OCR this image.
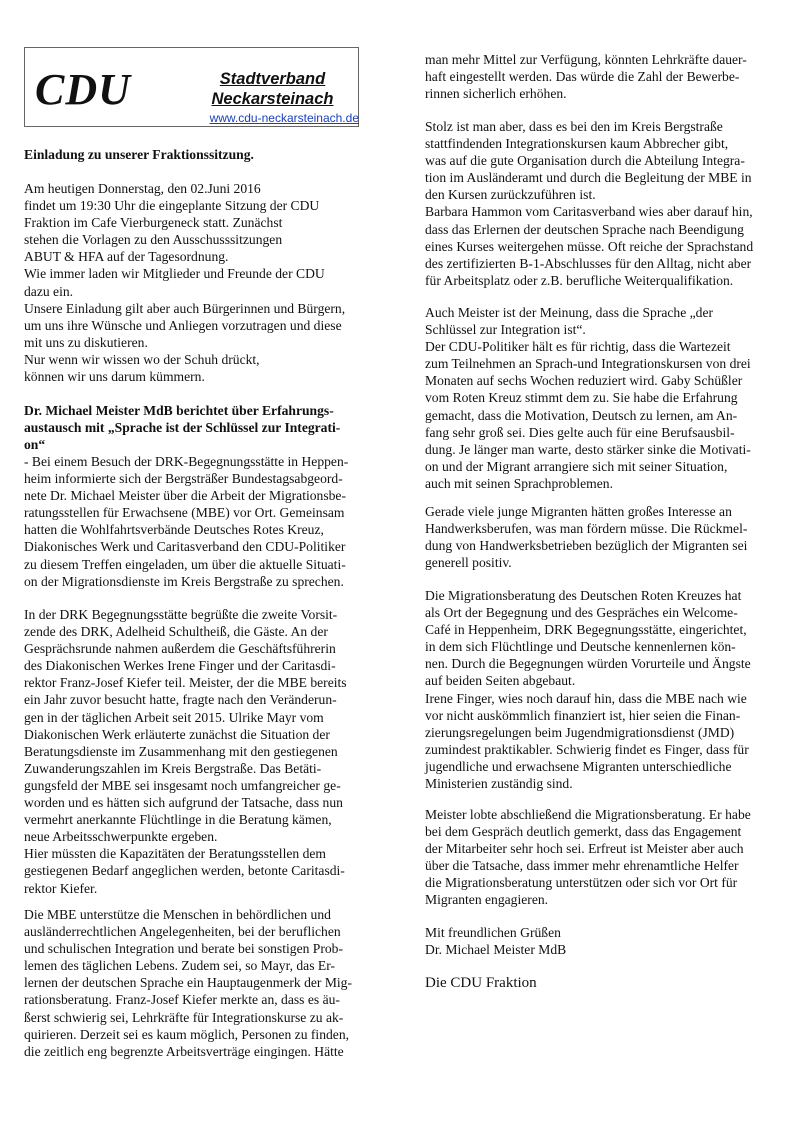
CDU	Stadtverband
Neckarsteinach
www.cdu-neckarsteinach.de
Einladung zu unserer Fraktionssitzung.
Am heutigen Donnerstag, den 02.Juni 2016
findet um 19:30 Uhr die eingeplante Sitzung der CDU
Fraktion im Cafe Vierburgeneck statt. Zunächst
stehen die Vorlagen zu den Ausschusssitzungen
ABUT & HFA auf der Tagesordnung.
Wie immer laden wir Mitglieder und Freunde der CDU
dazu ein.
Unsere Einladung gilt aber auch Bürgerinnen und Bürgern,
um uns ihre Wünsche und Anliegen vorzutragen und diese
mit uns zu diskutieren.
Nur wenn wir wissen wo der Schuh drückt,
können wir uns darum kümmern.
Dr. Michael Meister MdB berichtet über Erfahrungs-
austausch mit „Sprache ist der Schlüssel zur Integrati-
on“
- Bei einem Besuch der DRK-Begegnungsstätte in Heppen-
heim informierte sich der Bergsträßer Bundestagsabgeord-
nete Dr. Michael Meister über die Arbeit der Migrationsbe-
ratungsstellen für Erwachsene (MBE) vor Ort. Gemeinsam
hatten die Wohlfahrtsverbände Deutsches Rotes Kreuz,
Diakonisches Werk und Caritasverband den CDU-Politiker
zu diesem Treffen eingeladen, um über die aktuelle Situati-
on der Migrationsdienste im Kreis Bergstraße zu sprechen.
In der DRK Begegnungsstätte begrüßte die zweite Vorsit-
zende des DRK, Adelheid Schultheiß, die Gäste. An der
Gesprächsrunde nahmen außerdem die Geschäftsführerin
des Diakonischen Werkes Irene Finger und der Caritasdi-
rektor Franz-Josef Kiefer teil. Meister, der die MBE bereits
ein Jahr zuvor besucht hatte, fragte nach den Veränderun-
gen in der täglichen Arbeit seit 2015. Ulrike Mayr vom
Diakonischen Werk erläuterte zunächst die Situation der
Beratungsdienste im Zusammenhang mit den gestiegenen
Zuwanderungszahlen im Kreis Bergstraße. Das Betäti-
gungsfeld der MBE sei insgesamt noch umfangreicher ge-
worden und es hätten sich aufgrund der Tatsache, dass nun
vermehrt anerkannte Flüchtlinge in die Beratung kämen,
neue Arbeitsschwerpunkte ergeben.
Hier müssten die Kapazitäten der Beratungsstellen dem
gestiegenen Bedarf angeglichen werden, betonte Caritasdi-
rektor Kiefer.
Die MBE unterstütze die Menschen in behördlichen und
ausländerrechtlichen Angelegenheiten, bei der beruflichen
und schulischen Integration und berate bei sonstigen Prob-
lemen des täglichen Lebens. Zudem sei, so Mayr, das Er-
lernen der deutschen Sprache ein Hauptaugenmerk der Mig-
rationsberatung. Franz-Josef Kiefer merkte an, dass es äu-
ßerst schwierig sei, Lehrkräfte für Integrationskurse zu ak-
quirieren. Derzeit sei es kaum möglich, Personen zu finden,
die zeitlich eng begrenzte Arbeitsverträge eingingen. Hätte
man mehr Mittel zur Verfügung, könnten Lehrkräfte dauer-
haft eingestellt werden. Das würde die Zahl der Bewerbe-
rinnen sicherlich erhöhen.
Stolz ist man aber, dass es bei den im Kreis Bergstraße
stattfindenden Integrationskursen kaum Abbrecher gibt,
was auf die gute Organisation durch die Abteilung Integra-
tion im Ausländeramt und durch die Begleitung der MBE in
den Kursen zurückzuführen ist.
Barbara Hammon vom Caritasverband wies aber darauf hin,
dass das Erlernen der deutschen Sprache nach Beendigung
eines Kurses weitergehen müsse. Oft reiche der Sprachstand
des zertifizierten B-1-Abschlusses für den Alltag, nicht aber
für Arbeitsplatz oder z.B. berufliche Weiterqualifikation.
Auch Meister ist der Meinung, dass die Sprache „der
Schlüssel zur Integration ist“.
Der CDU-Politiker hält es für richtig, dass die Wartezeit
zum Teilnehmen an Sprach-und Integrationskursen von drei
Monaten auf sechs Wochen reduziert wird. Gaby Schüßler
vom Roten Kreuz stimmt dem zu. Sie habe die Erfahrung
gemacht, dass die Motivation, Deutsch zu lernen, am An-
fang sehr groß sei. Dies gelte auch für eine Berufsausbil-
dung. Je länger man warte, desto stärker sinke die Motivati-
on und der Migrant arrangiere sich mit seiner Situation,
auch mit seinen Sprachproblemen.
Gerade viele junge Migranten hätten großes Interesse an
Handwerksberufen, was man fördern müsse. Die Rückmel-
dung von Handwerksbetrieben bezüglich der Migranten sei
generell positiv.
Die Migrationsberatung des Deutschen Roten Kreuzes hat
als Ort der Begegnung und des Gespräches ein Welcome-
Café in Heppenheim, DRK Begegnungsstätte, eingerichtet,
in dem sich Flüchtlinge und Deutsche kennenlernen kön-
nen. Durch die Begegnungen würden Vorurteile und Ängste
auf beiden Seiten abgebaut.
Irene Finger, wies noch darauf hin, dass die MBE nach wie
vor nicht auskömmlich finanziert ist, hier seien die Finan-
zierungsregelungen beim Jugendmigrationsdienst (JMD)
zumindest praktikabler. Schwierig findet es Finger, dass für
jugendliche und erwachsene Migranten unterschiedliche
Ministerien zuständig sind.
Meister lobte abschließend die Migrationsberatung. Er habe
bei dem Gespräch deutlich gemerkt, dass das Engagement
der Mitarbeiter sehr hoch sei. Erfreut ist Meister aber auch
über die Tatsache, dass immer mehr ehrenamtliche Helfer
die Migrationsberatung unterstützen oder sich vor Ort für
Migranten engagieren.
Mit freundlichen Grüßen
Dr. Michael Meister MdB
Die CDU Fraktion
